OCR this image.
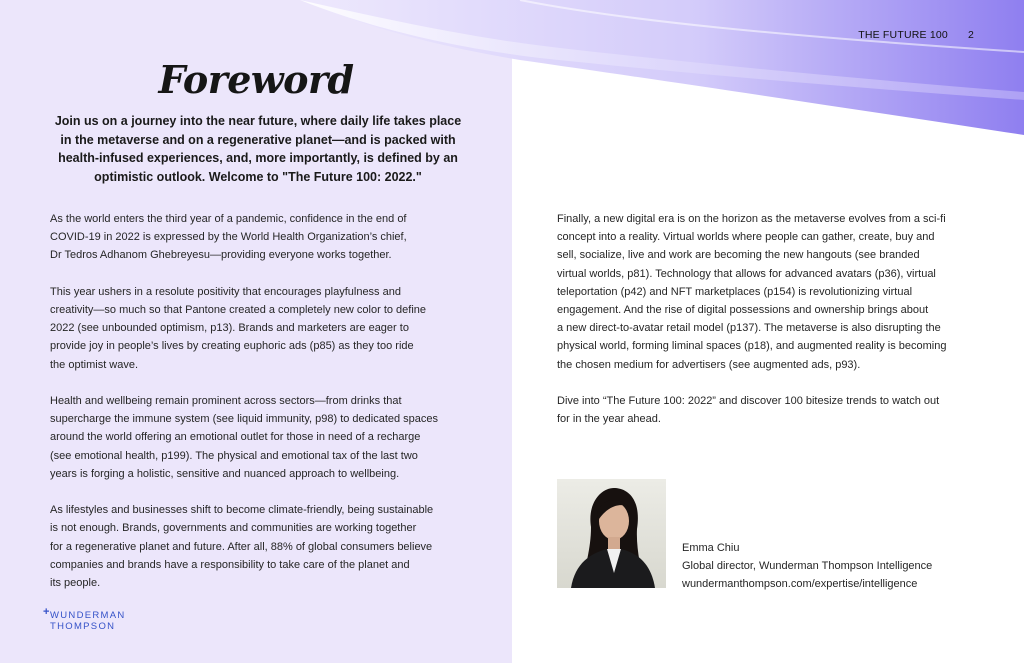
THE FUTURE 100 2
Foreword
Join us on a journey into the near future, where daily life takes place in the metaverse and on a regenerative planet—and is packed with health-infused experiences, and, more importantly, is defined by an optimistic outlook. Welcome to "The Future 100: 2022."

As the world enters the third year of a pandemic, confidence in the end of
COVID-19 in 2022 is expressed by the World Health Organization’s chief,
Dr Tedros Adhanom Ghebreyesu—providing everyone works together.

This year ushers in a resolute positivity that encourages playfulness and
creativity—so much so that Pantone created a completely new color to define
2022 (see unbounded optimism, p13). Brands and marketers are eager to
provide joy in people’s lives by creating euphoric ads (p85) as they too ride
the optimist wave.

Health and wellbeing remain prominent across sectors—from drinks that
supercharge the immune system (see liquid immunity, p98) to dedicated spaces
around the world offering an emotional outlet for those in need of a recharge
(see emotional health, p199). The physical and emotional tax of the last two
years is forging a holistic, sensitive and nuanced approach to wellbeing.

As lifestyles and businesses shift to become climate-friendly, being sustainable
is not enough. Brands, governments and communities are working together
for a regenerative planet and future. After all, 88% of global consumers believe
companies and brands have a responsibility to take care of the planet and
its people.

Finally, a new digital era is on the horizon as the metaverse evolves from a sci-fi
concept into a reality. Virtual worlds where people can gather, create, buy and
sell, socialize, live and work are becoming the new hangouts (see branded
virtual worlds, p81). Technology that allows for advanced avatars (p36), virtual
teleportation (p42) and NFT marketplaces (p154) is revolutionizing virtual
engagement. And the rise of digital possessions and ownership brings about
a new direct-to-avatar retail model (p137). The metaverse is also disrupting the
physical world, forming liminal spaces (p18), and augmented reality is becoming
the chosen medium for advertisers (see augmented ads, p93).

Dive into “The Future 100: 2022” and discover 100 bitesize trends to watch out
for in the year ahead.

Emma Chiu
Global director, Wunderman Thompson Intelligence
wundermanthompson.com/expertise/intelligence
+ WUNDERMAN
THOMPSON
